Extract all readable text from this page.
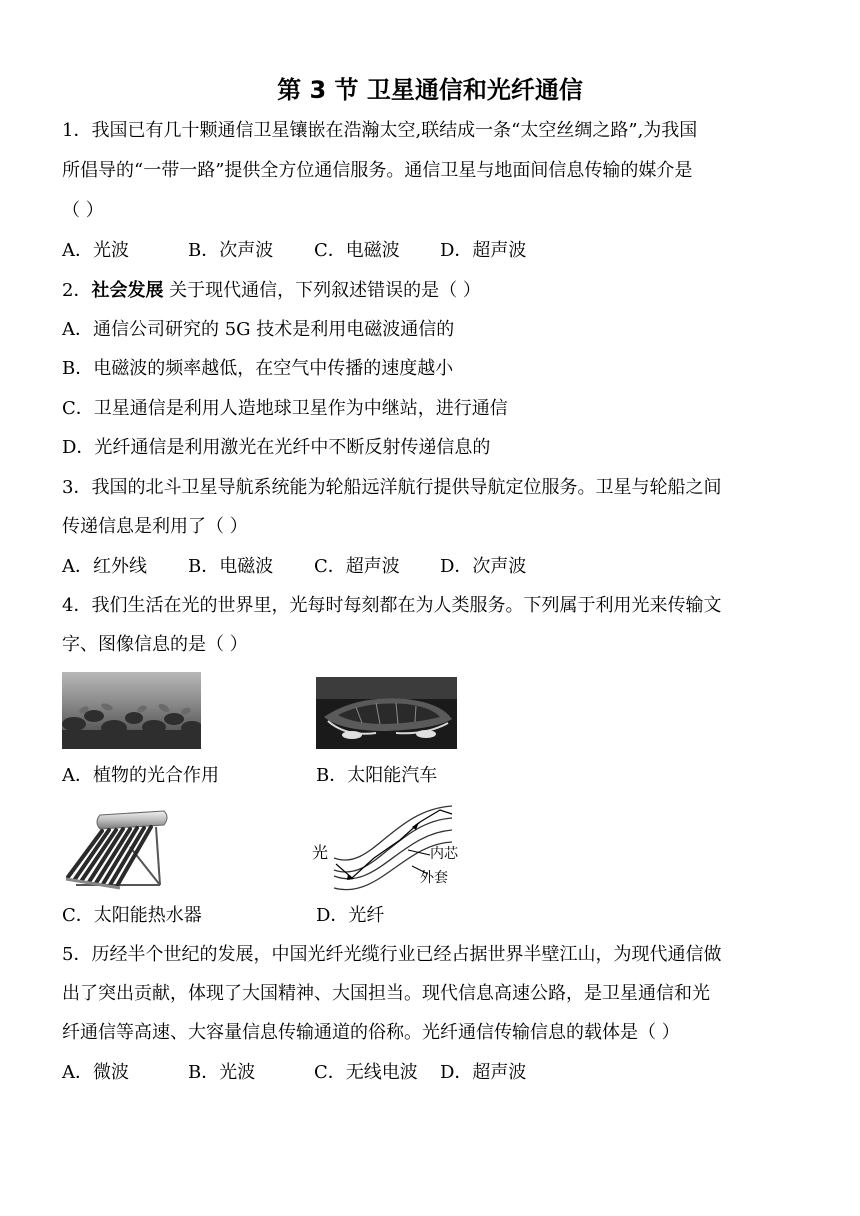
第 3 节 卫星通信和光纤通信
1．我国已有几十颗通信卫星镶嵌在浩瀚太空,联结成一条“太空丝绸之路”,为我国
所倡导的“一带一路”提供全方位通信服务。通信卫星与地面间信息传输的媒介是
（ ）
A．光波	B．次声波 C．电磁波 D．超声波
2．社会发展 关于现代通信，下列叙述错误的是（ ）
A．通信公司研究的 5G 技术是利用电磁波通信的
B．电磁波的频率越低，在空气中传播的速度越小
C．卫星通信是利用人造地球卫星作为中继站，进行通信
D．光纤通信是利用激光在光纤中不断反射传递信息的
3．我国的北斗卫星导航系统能为轮船远洋航行提供导航定位服务。卫星与轮船之间
传递信息是利用了（ ）
A．红外线 B．电磁波 C．超声波 D．次声波
4．我们生活在光的世界里，光每时每刻都在为人类服务。下列属于利用光来传输文
字、图像信息的是（ ）
A．植物的光合作用	B．太阳能汽车
C．太阳能热水器
光	内芯
外套
D．光纤
5．历经半个世纪的发展，中国光纤光缆行业已经占据世界半壁江山，为现代通信做
出了突出贡献，体现了大国精神、大国担当。现代信息高速公路，是卫星通信和光
纤通信等高速、大容量信息传输通道的俗称。光纤通信传输信息的载体是（ ）
A．微波	B．光波	C．无线电波 D．超声波
